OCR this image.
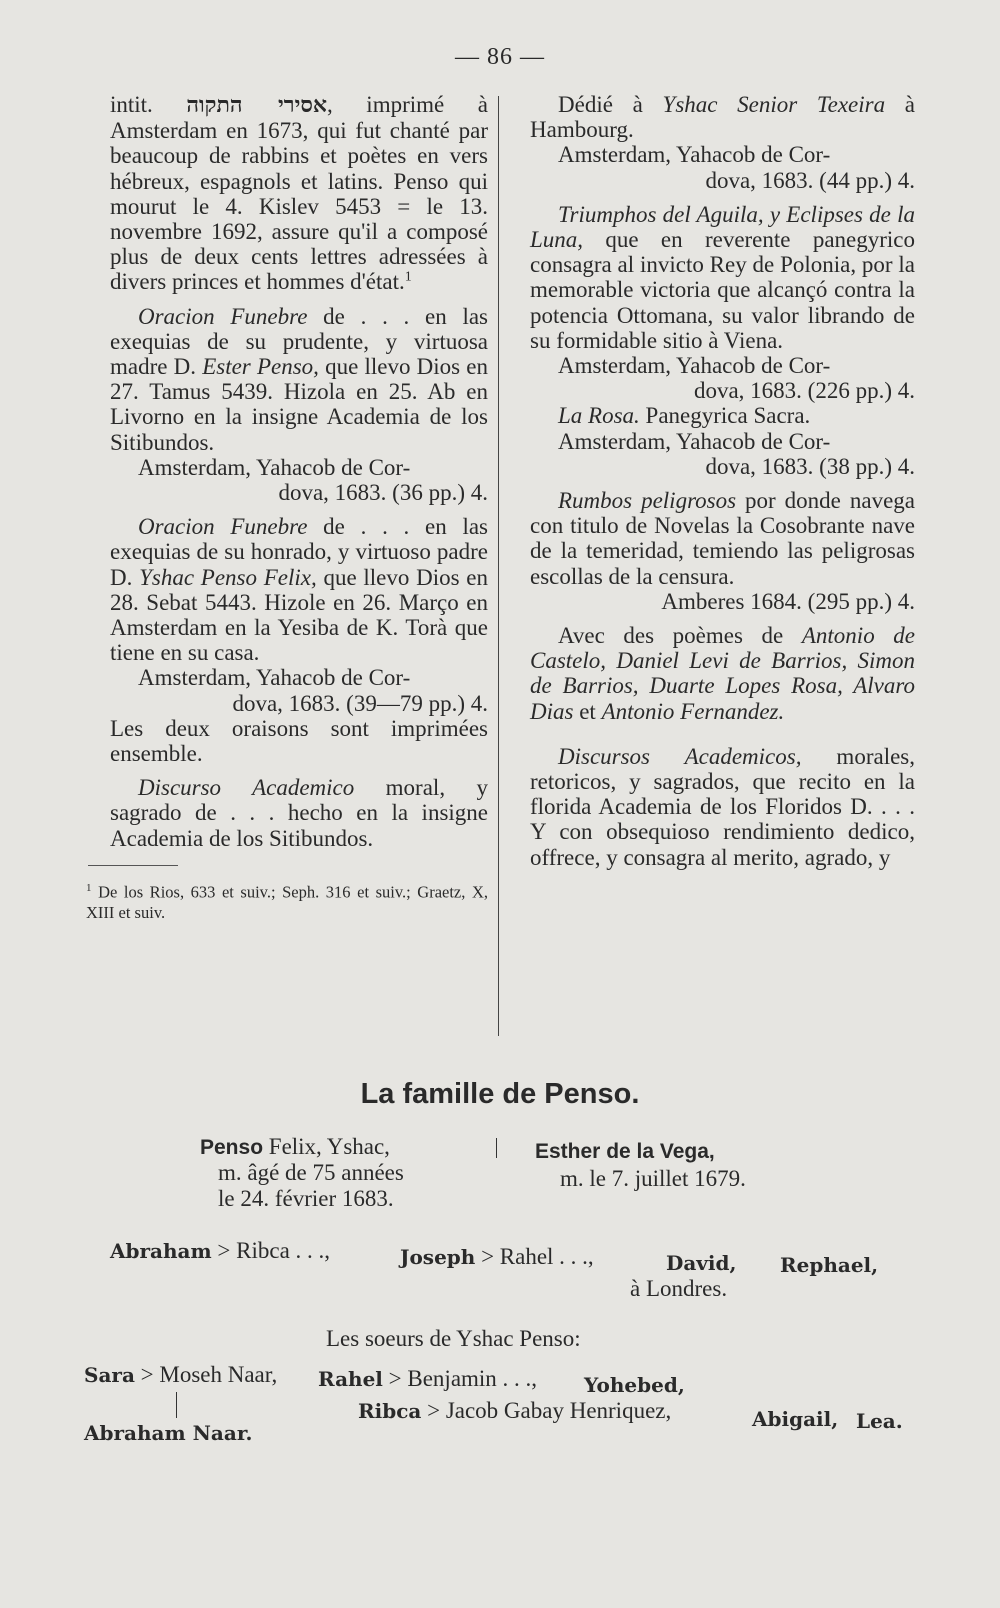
— 86 —

intit. אסירי התקוה, imprimé à Amsterdam en 1673, qui fut chanté par beaucoup de rabbins et poètes en vers hébreux, espagnols et latins. Penso qui mourut le 4. Kislev 5453 = le 13. novembre 1692, assure qu'il a composé plus de deux cents lettres adressées à divers princes et hommes d'état.$^1$

Oracion Funebre de . . . en las exequias de su prudente, y virtuosa madre D. Ester Penso, que llevo Dios en 27. Tamus 5439. Hizola en 25. Ab en Livorno en la insigne Academia de los Sitibundos.

Amsterdam, Yahacob de Cor-

dova, 1683. (36 pp.) 4.

Oracion Funebre de . . . en las exequias de su honrado, y virtuoso padre D. Yshac Penso Felix, que llevo Dios en 28. Sebat 5443. Hizole en 26. Março en Amsterdam en la Yesiba de K. Torà que tiene en su casa.

Amsterdam, Yahacob de Cor-

dova, 1683. (39—79 pp.) 4.

Les deux oraisons sont imprimées ensemble.

Discurso Academico moral, y sagrado de . . . hecho en la insigne Academia de los Sitibundos.

$^1$ De los Rios, 633 et suiv.; Seph. 316 et suiv.; Graetz, X, XIII et suiv.

Dédié à Yshac Senior Texeira à Hambourg.

Amsterdam, Yahacob de Cor-

dova, 1683. (44 pp.) 4.

Triumphos del Aguila, y Eclipses de la Luna, que en reverente panegyrico consagra al invicto Rey de Polonia, por la memorable victoria que alcançó contra la potencia Ottomana, su valor librando de su formidable sitio à Viena.

Amsterdam, Yahacob de Cor-

dova, 1683. (226 pp.) 4.

La Rosa. Panegyrica Sacra.

Amsterdam, Yahacob de Cor-

dova, 1683. (38 pp.) 4.

Rumbos peligrosos por donde navega con titulo de Novelas la Cosobrante nave de la temeridad, temiendo las peligrosas escollas de la censura.

Amberes 1684. (295 pp.) 4.

Avec des poèmes de Antonio de Castelo, Daniel Levi de Barrios, Simon de Barrios, Duarte Lopes Rosa, Alvaro Dias et Antonio Fernandez.

Discursos Academicos, morales, retoricos, y sagrados, que recito en la florida Academia de los Floridos D. . . . Y con obsequioso rendimiento dedico, offrece, y consagra al merito, agrado, y

La famille de Penso.
Penso Felix, Yshac,
m. âgé de 75 années
le 24. février 1683.
Esther de la Vega,
m. le 7. juillet 1679.
Abraham > Ribca . . .,	Joseph > Rahel . . .,	David,
à Londres.
Rephael,
Les soeurs de Yshac Penso:
Sara > Moseh Naar, Rahel > Benjamin . . ., Yohebed,
Ribca > Jacob Gabay Henriquez,	Abigail, Lea.
Abraham Naar.
